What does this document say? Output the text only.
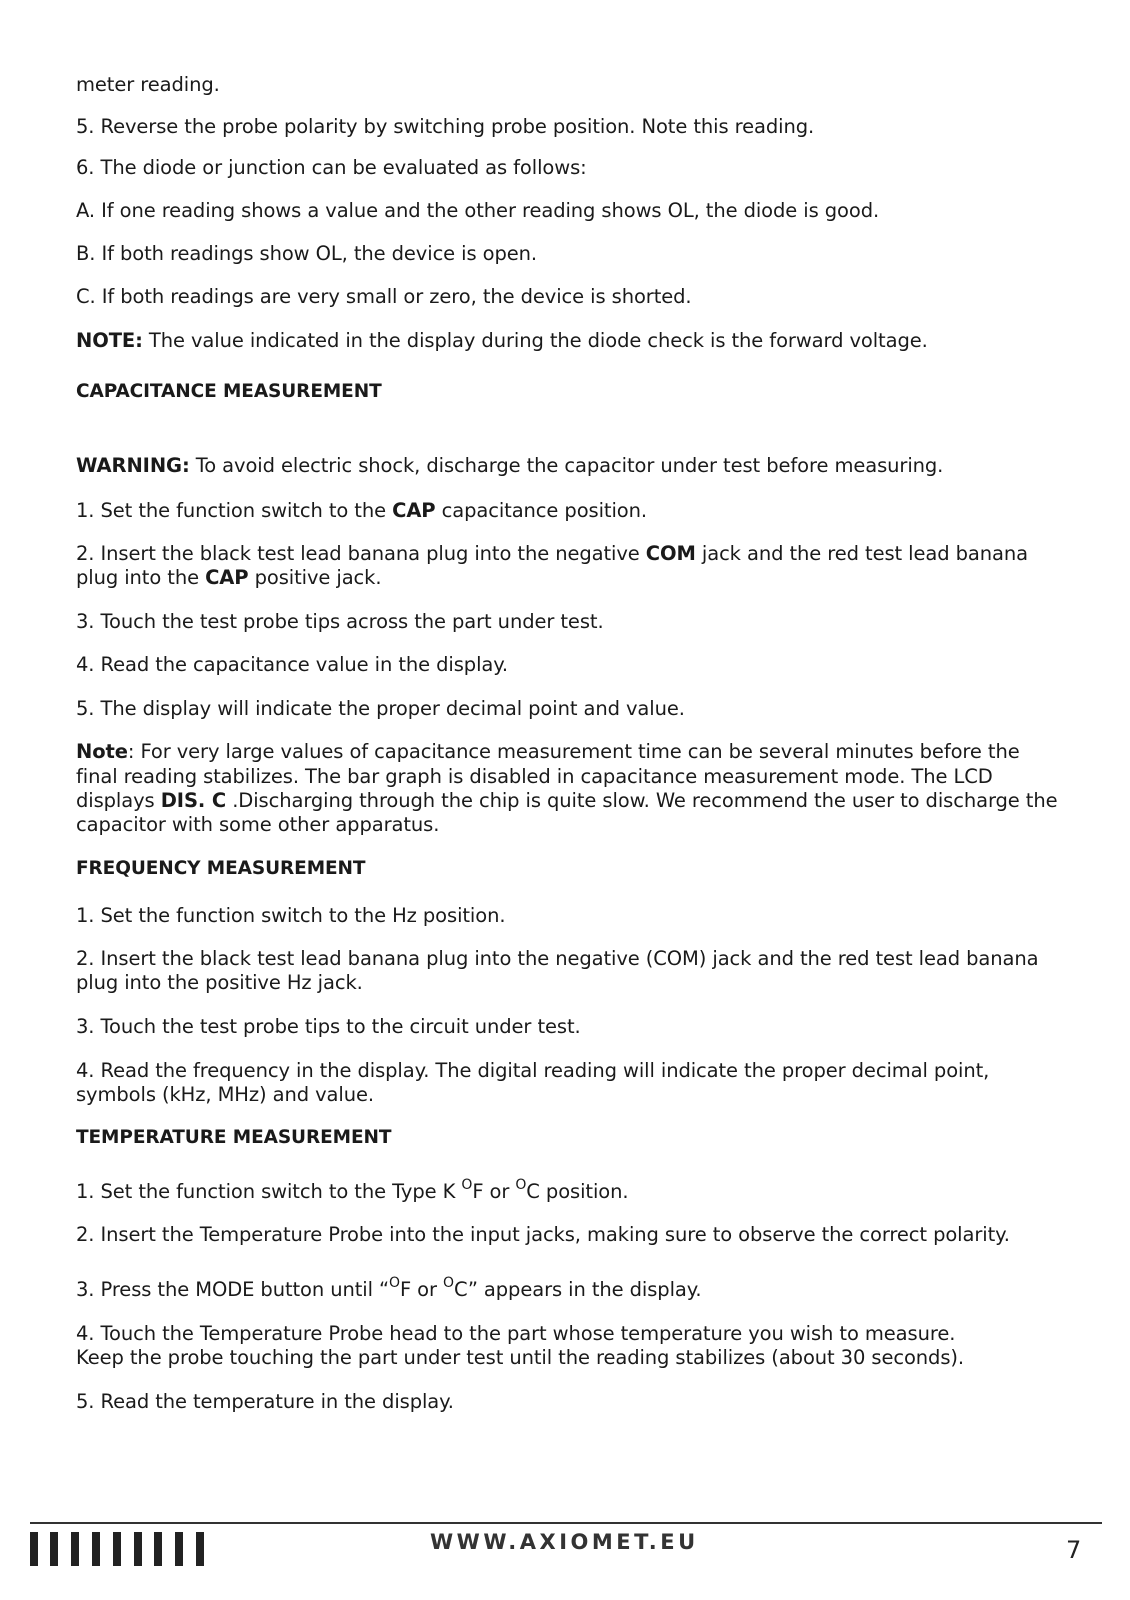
meter reading.
5. Reverse the probe polarity by switching probe position. Note this reading.
6. The diode or junction can be evaluated as follows:
A. If one reading shows a value and the other reading shows OL, the diode is good.
B. If both readings show OL, the device is open.
C. If both readings are very small or zero, the device is shorted.
NOTE: The value indicated in the display during the diode check is the forward voltage.
CAPACITANCE MEASUREMENT
WARNING: To avoid electric shock, discharge the capacitor under test before measuring.
1. Set the function switch to the CAP capacitance position.
2. Insert the black test lead banana plug into the negative COM jack and the red test lead banana
plug into the CAP positive jack.
3. Touch the test probe tips across the part under test.
4. Read the capacitance value in the display.
5. The display will indicate the proper decimal point and value.
Note: For very large values of capacitance measurement time can be several minutes before the
final reading stabilizes. The bar graph is disabled in capacitance measurement mode. The LCD
displays DIS. C .Discharging through the chip is quite slow. We recommend the user to discharge the
capacitor with some other apparatus.
FREQUENCY MEASUREMENT
1. Set the function switch to the Hz position.
2. Insert the black test lead banana plug into the negative (COM) jack and the red test lead banana
plug into the positive Hz jack.
3. Touch the test probe tips to the circuit under test.
4. Read the frequency in the display. The digital reading will indicate the proper decimal point,
symbols (kHz, MHz) and value.
TEMPERATURE MEASUREMENT
1. Set the function switch to the Type K $^O$F or $^O$C position.
2. Insert the Temperature Probe into the input jacks, making sure to observe the correct polarity.
3. Press the MODE button until “$^O$F or $^O$C” appears in the display.
4. Touch the Temperature Probe head to the part whose temperature you wish to measure.
Keep the probe touching the part under test until the reading stabilizes (about 30 seconds).
5. Read the temperature in the display.
WWW.AXIOMET.EU	7
